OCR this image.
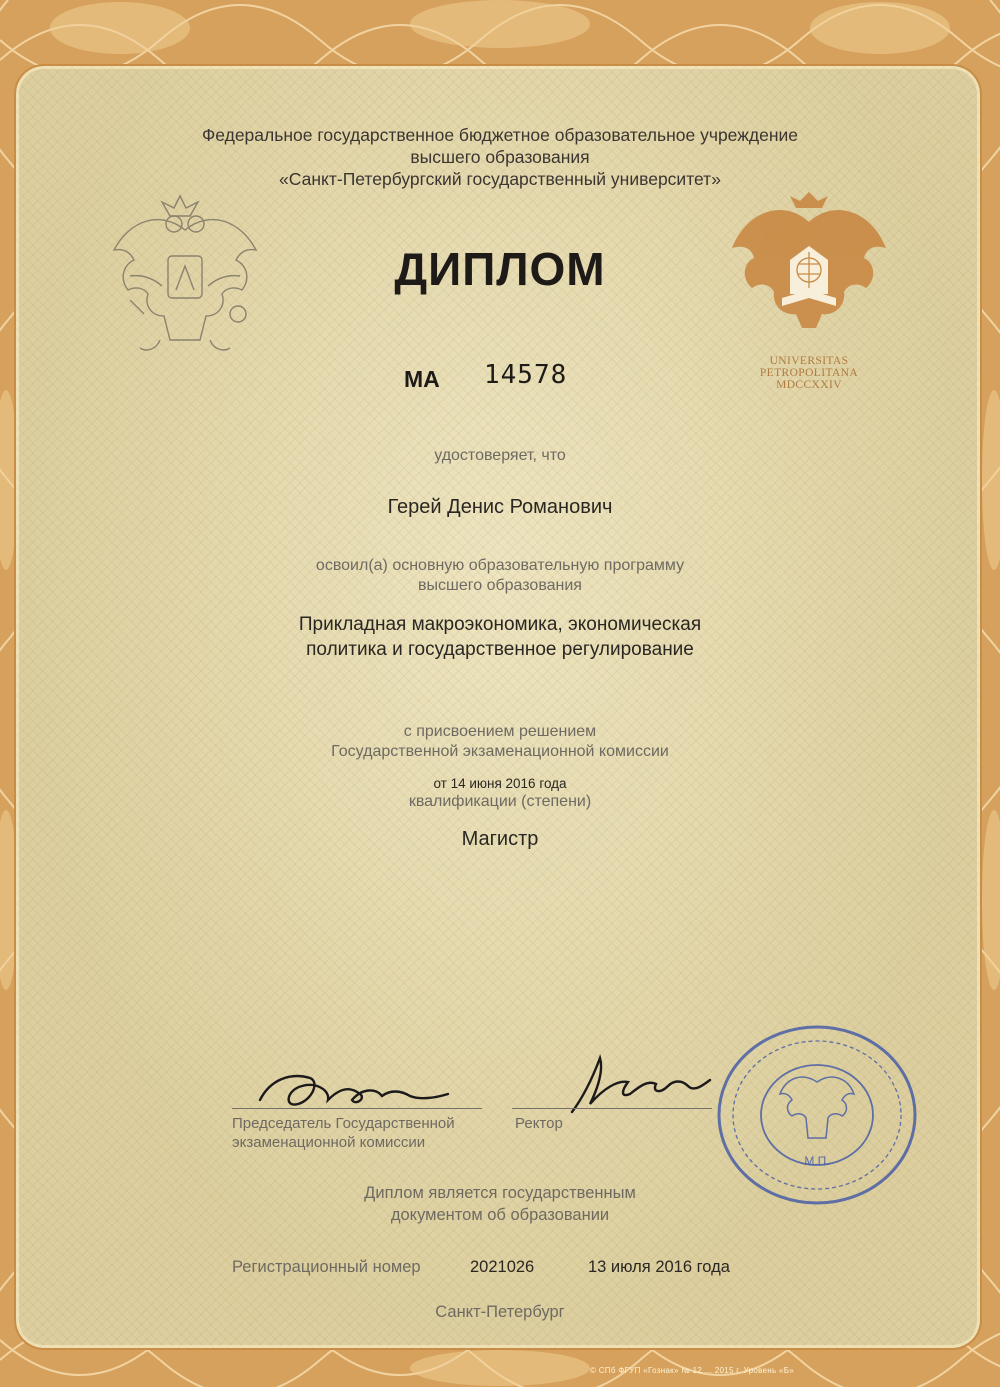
UNIVERSITAS
PETROPOLITANA
MDCCXXIV
Федеральное государственное бюджетное образовательное учреждение
высшего образования
«Санкт-Петербургский государственный университет»
ДИПЛОМ
МА 14578
удостоверяет, что
Герей Денис Романович
освоил(а) основную образовательную программу
высшего образования
Прикладная макроэкономика, экономическая
политика и государственное регулирование
с присвоением решением
Государственной экзаменационной комиссии
от 14 июня 2016 года
квалификации (степени)
Магистр
Председатель Государственной
экзаменационной комиссии
Ректор
М.П.
Диплом является государственным
документом об образовании
Регистрационный номер	2021026	13 июля 2016 года
Санкт-Петербург
© СПб ФГУП «Гознак» № 12 ... 2015 г. Уровень «Б»
